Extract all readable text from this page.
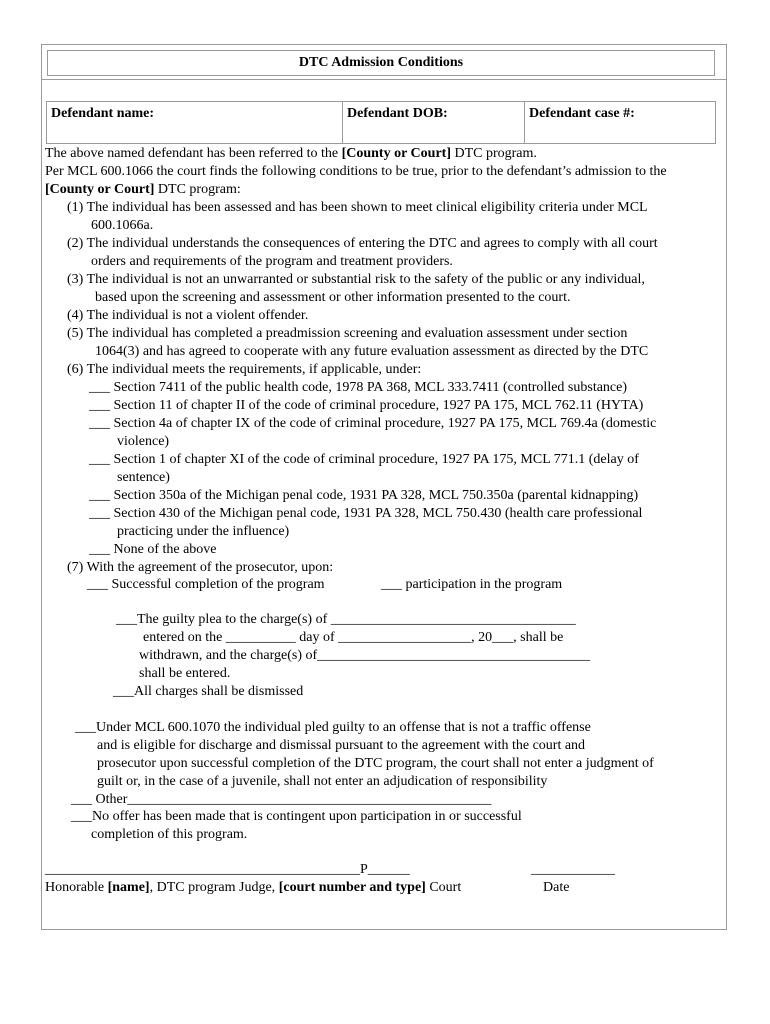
DTC Admission Conditions
Defendant name:	Defendant DOB:	Defendant case #:
The above named defendant has been referred to the [County or Court] DTC program.
Per MCL 600.1066 the court finds the following conditions to be true, prior to the defendant’s admission to the
[County or Court] DTC program:
(1) The individual has been assessed and has been shown to meet clinical eligibility criteria under MCL
600.1066a.
(2) The individual understands the consequences of entering the DTC and agrees to comply with all court
orders and requirements of the program and treatment providers.
(3) The individual is not an unwarranted or substantial risk to the safety of the public or any individual,
based upon the screening and assessment or other information presented to the court.
(4) The individual is not a violent offender.
(5) The individual has completed a preadmission screening and evaluation assessment under section
1064(3) and has agreed to cooperate with any future evaluation assessment as directed by the DTC
(6) The individual meets the requirements, if applicable, under:
___ Section 7411 of the public health code, 1978 PA 368, MCL 333.7411 (controlled substance)
___ Section 11 of chapter II of the code of criminal procedure, 1927 PA 175, MCL 762.11 (HYTA)
___ Section 4a of chapter IX of the code of criminal procedure, 1927 PA 175, MCL 769.4a (domestic
violence)
___ Section 1 of chapter XI of the code of criminal procedure, 1927 PA 175, MCL 771.1 (delay of
sentence)
___ Section 350a of the Michigan penal code, 1931 PA 328, MCL 750.350a (parental kidnapping)
___ Section 430 of the Michigan penal code, 1931 PA 328, MCL 750.430 (health care professional
practicing under the influence)
___ None of the above
(7) With the agreement of the prosecutor, upon:
___ Successful completion of the program	___ participation in the program
___The guilty plea to the charge(s) of ___________________________________
entered on the __________ day of ___________________, 20___, shall be
withdrawn, and the charge(s) of_______________________________________
shall be entered.
___All charges shall be dismissed
___Under MCL 600.1070 the individual pled guilty to an offense that is not a traffic offense
and is eligible for discharge and dismissal pursuant to the agreement with the court and
prosecutor upon successful completion of the DTC program, the court shall not enter a judgment of
guilt or, in the case of a juvenile, shall not enter an adjudication of responsibility
___ Other____________________________________________________
___No offer has been made that is contingent upon participation in or successful
completion of this program.
_____________________________________________P______	____________
Honorable [name], DTC program Judge, [court number and type] Court	Date
